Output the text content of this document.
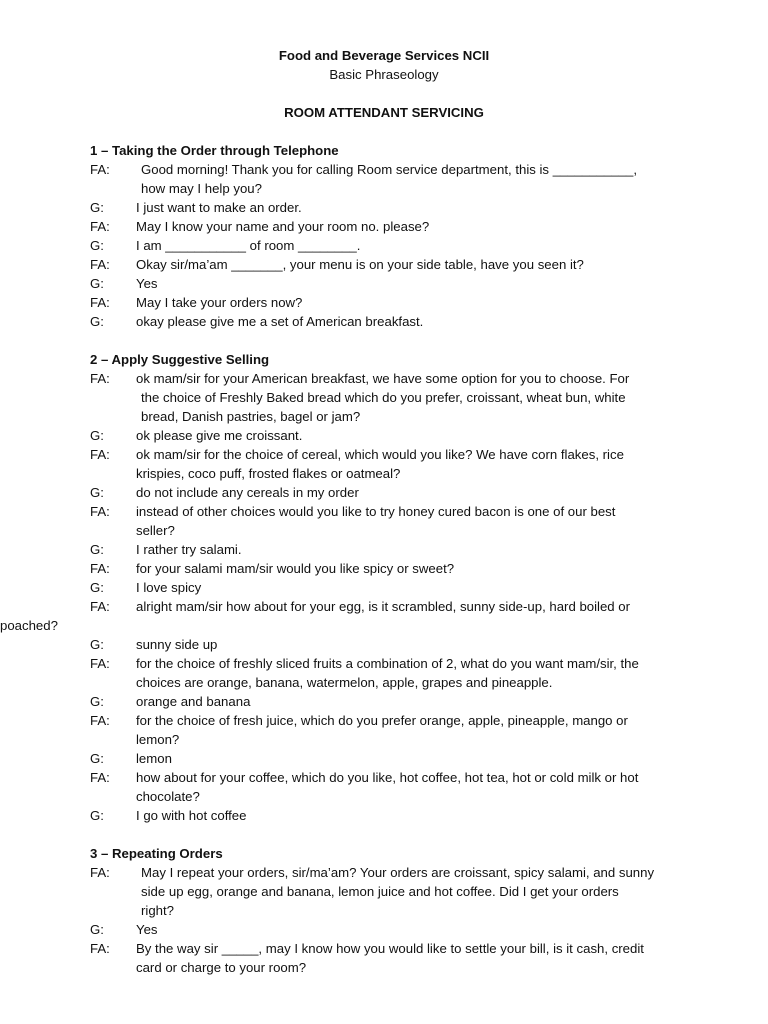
Food and Beverage Services NCII
Basic Phraseology
ROOM ATTENDANT SERVICING
1 – Taking the Order through Telephone
FA: Good morning! Thank you for calling Room service department, this is ___________,
how may I help you?
G: I just want to make an order.
FA: May I know your name and your room no. please?
G: I am ___________ of room ________.
FA: Okay sir/ma’am _______, your menu is on your side table, have you seen it?
G: Yes
FA: May I take your orders now?
G: okay please give me a set of American breakfast.
2 – Apply Suggestive Selling
FA: ok mam/sir for your American breakfast, we have some option for you to choose. For
the choice of Freshly Baked bread which do you prefer, croissant, wheat bun, white
bread, Danish pastries, bagel or jam?
G: ok please give me croissant.
FA: ok mam/sir for the choice of cereal, which would you like? We have corn flakes, rice
krispies, coco puff, frosted flakes or oatmeal?
G: do not include any cereals in my order
FA: instead of other choices would you like to try honey cured bacon is one of our best
seller?
G: I rather try salami.
FA: for your salami mam/sir would you like spicy or sweet?
G: I love spicy
FA: alright mam/sir how about for your egg, is it scrambled, sunny side-up, hard boiled or
poached?
G: sunny side up
FA: for the choice of freshly sliced fruits a combination of 2, what do you want mam/sir, the
choices are orange, banana, watermelon, apple, grapes and pineapple.
G: orange and banana
FA: for the choice of fresh juice, which do you prefer orange, apple, pineapple, mango or
lemon?
G: lemon
FA: how about for your coffee, which do you like, hot coffee, hot tea, hot or cold milk or hot
chocolate?
G: I go with hot coffee
3 – Repeating Orders
FA: May I repeat your orders, sir/ma’am? Your orders are croissant, spicy salami, and sunny
side up egg, orange and banana, lemon juice and hot coffee. Did I get your orders
right?
G: Yes
FA: By the way sir _____, may I know how you would like to settle your bill, is it cash, credit
card or charge to your room?
